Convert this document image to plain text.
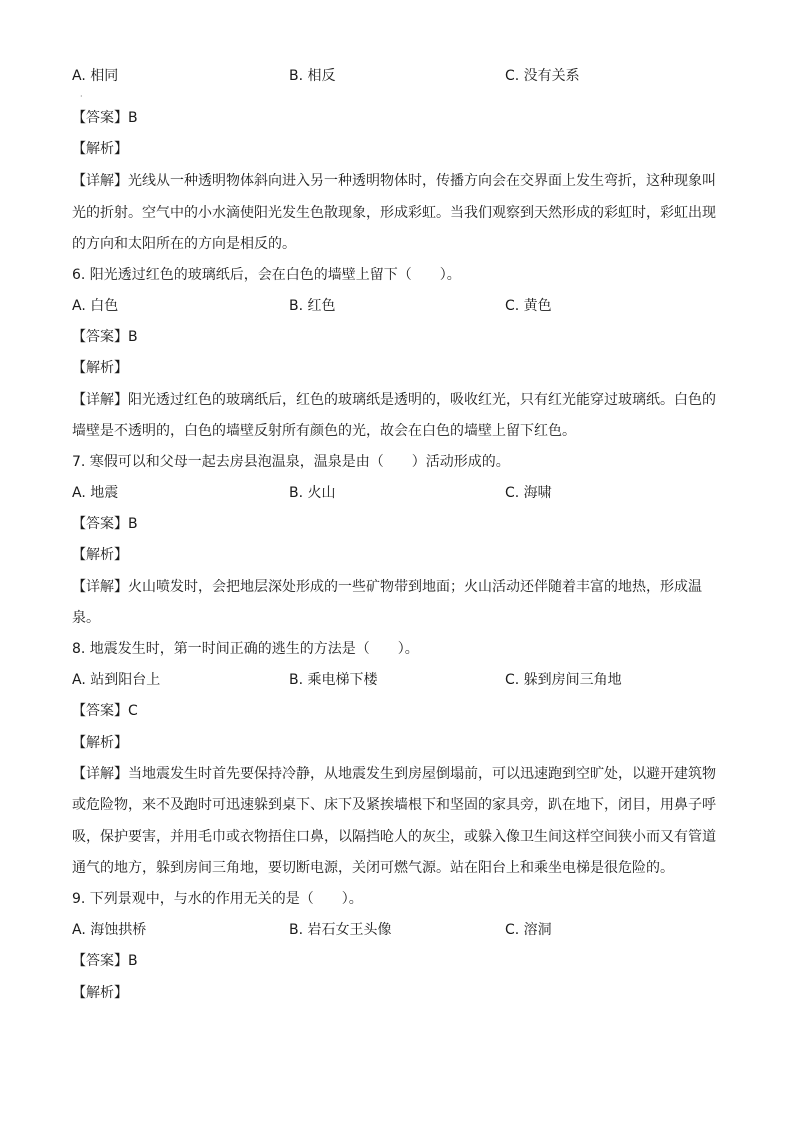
A. 相同	B. 相反	C. 没有关系
·
【答案】B
【解析】
【详解】光线从一种透明物体斜向进入另一种透明物体时，传播方向会在交界面上发生弯折，这种现象叫
光的折射。空气中的小水滴使阳光发生色散现象，形成彩虹。当我们观察到天然形成的彩虹时，彩虹出现
的方向和太阳所在的方向是相反的。
6. 阳光透过红色的玻璃纸后，会在白色的墙壁上留下（　　）。
A. 白色	B. 红色	C. 黄色
【答案】B
【解析】
【详解】阳光透过红色的玻璃纸后，红色的玻璃纸是透明的，吸收红光，只有红光能穿过玻璃纸。白色的
墙壁是不透明的，白色的墙壁反射所有颜色的光，故会在白色的墙壁上留下红色。
7. 寒假可以和父母一起去房县泡温泉，温泉是由（　　）活动形成的。
A. 地震	B. 火山	C. 海啸
【答案】B
【解析】
【详解】火山喷发时，会把地层深处形成的一些矿物带到地面；火山活动还伴随着丰富的地热，形成温
泉。
8. 地震发生时，第一时间正确的逃生的方法是（　　）。
A. 站到阳台上	B. 乘电梯下楼	C. 躲到房间三角地
【答案】C
【解析】
【详解】当地震发生时首先要保持冷静，从地震发生到房屋倒塌前，可以迅速跑到空旷处，以避开建筑物
或危险物，来不及跑时可迅速躲到桌下、床下及紧挨墙根下和坚固的家具旁，趴在地下，闭目，用鼻子呼
吸，保护要害，并用毛巾或衣物捂住口鼻，以隔挡呛人的灰尘，或躲入像卫生间这样空间狭小而又有管道
通气的地方，躲到房间三角地，要切断电源，关闭可燃气源。站在阳台上和乘坐电梯是很危险的。
9. 下列景观中，与水的作用无关的是（　　）。
A. 海蚀拱桥	B. 岩石女王头像	C. 溶洞
【答案】B
【解析】
